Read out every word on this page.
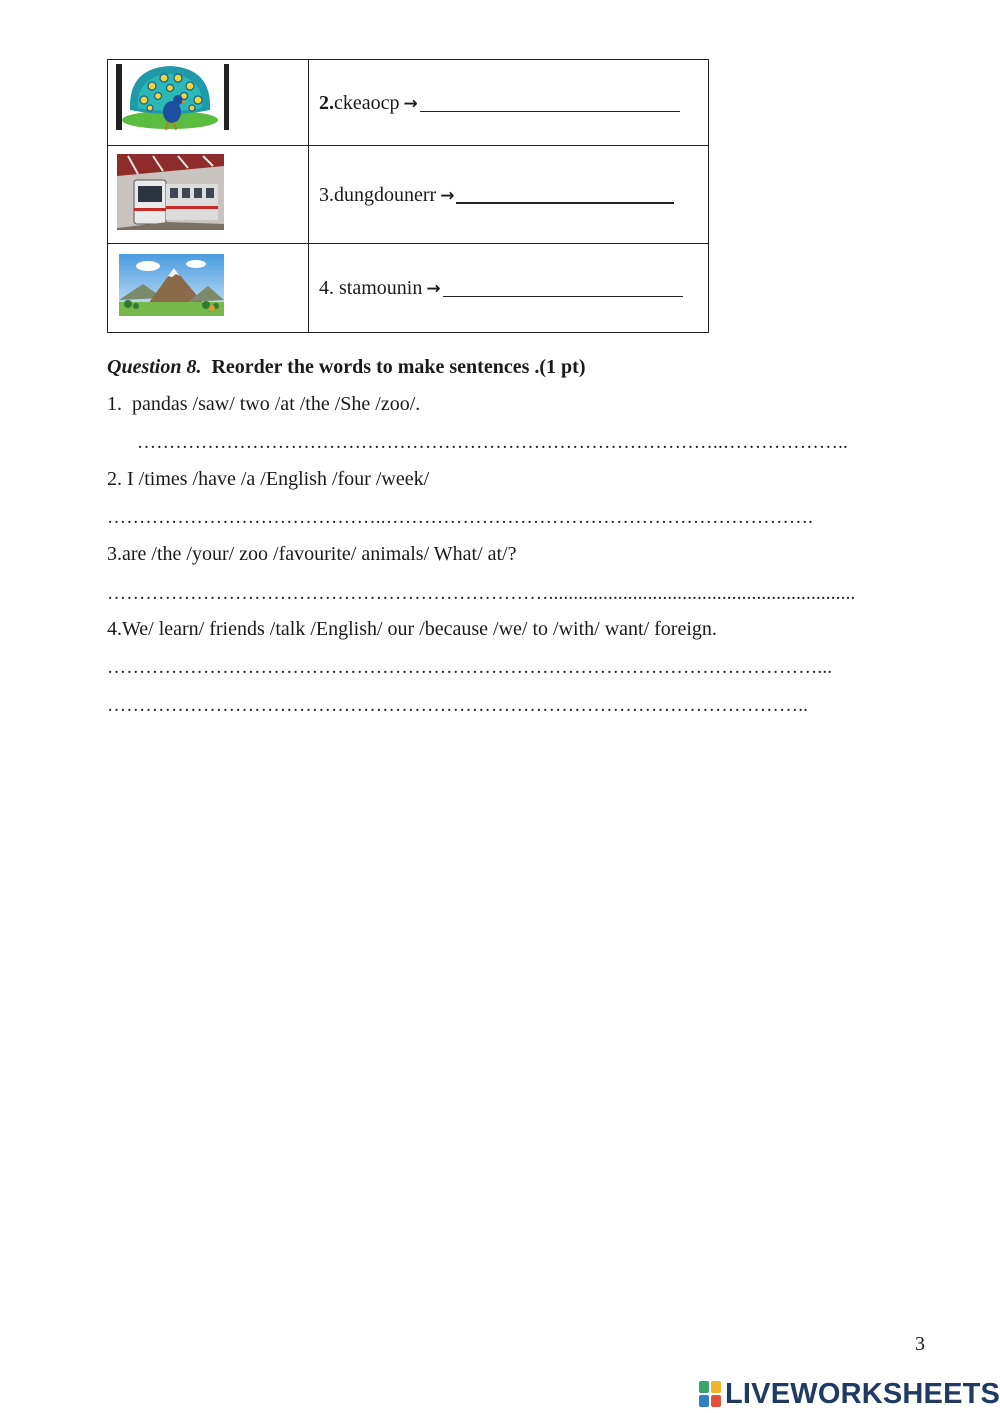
	2.ckeaocp →
	3.dungdounerr →
	4. stamounin →
Question 8. Reorder the words to make sentences .(1 pt)
1. pandas /saw/ two /at /the /She /zoo/.
………………………………………………………………………………..………………..
2. I /times /have /a /English /four /week/
……………………………………..………………………………………………………….
3.are /the /your/ zoo /favourite/ animals/ What/ at/?
……………………………………………………………..............................................................
4.We/ learn/ friends /talk /English/ our /because /we/ to /with/ want/ foreign.
…………………………………………………………………………………………………...
………………………………………………………………………………………………..
3
LIVEWORKSHEETS
